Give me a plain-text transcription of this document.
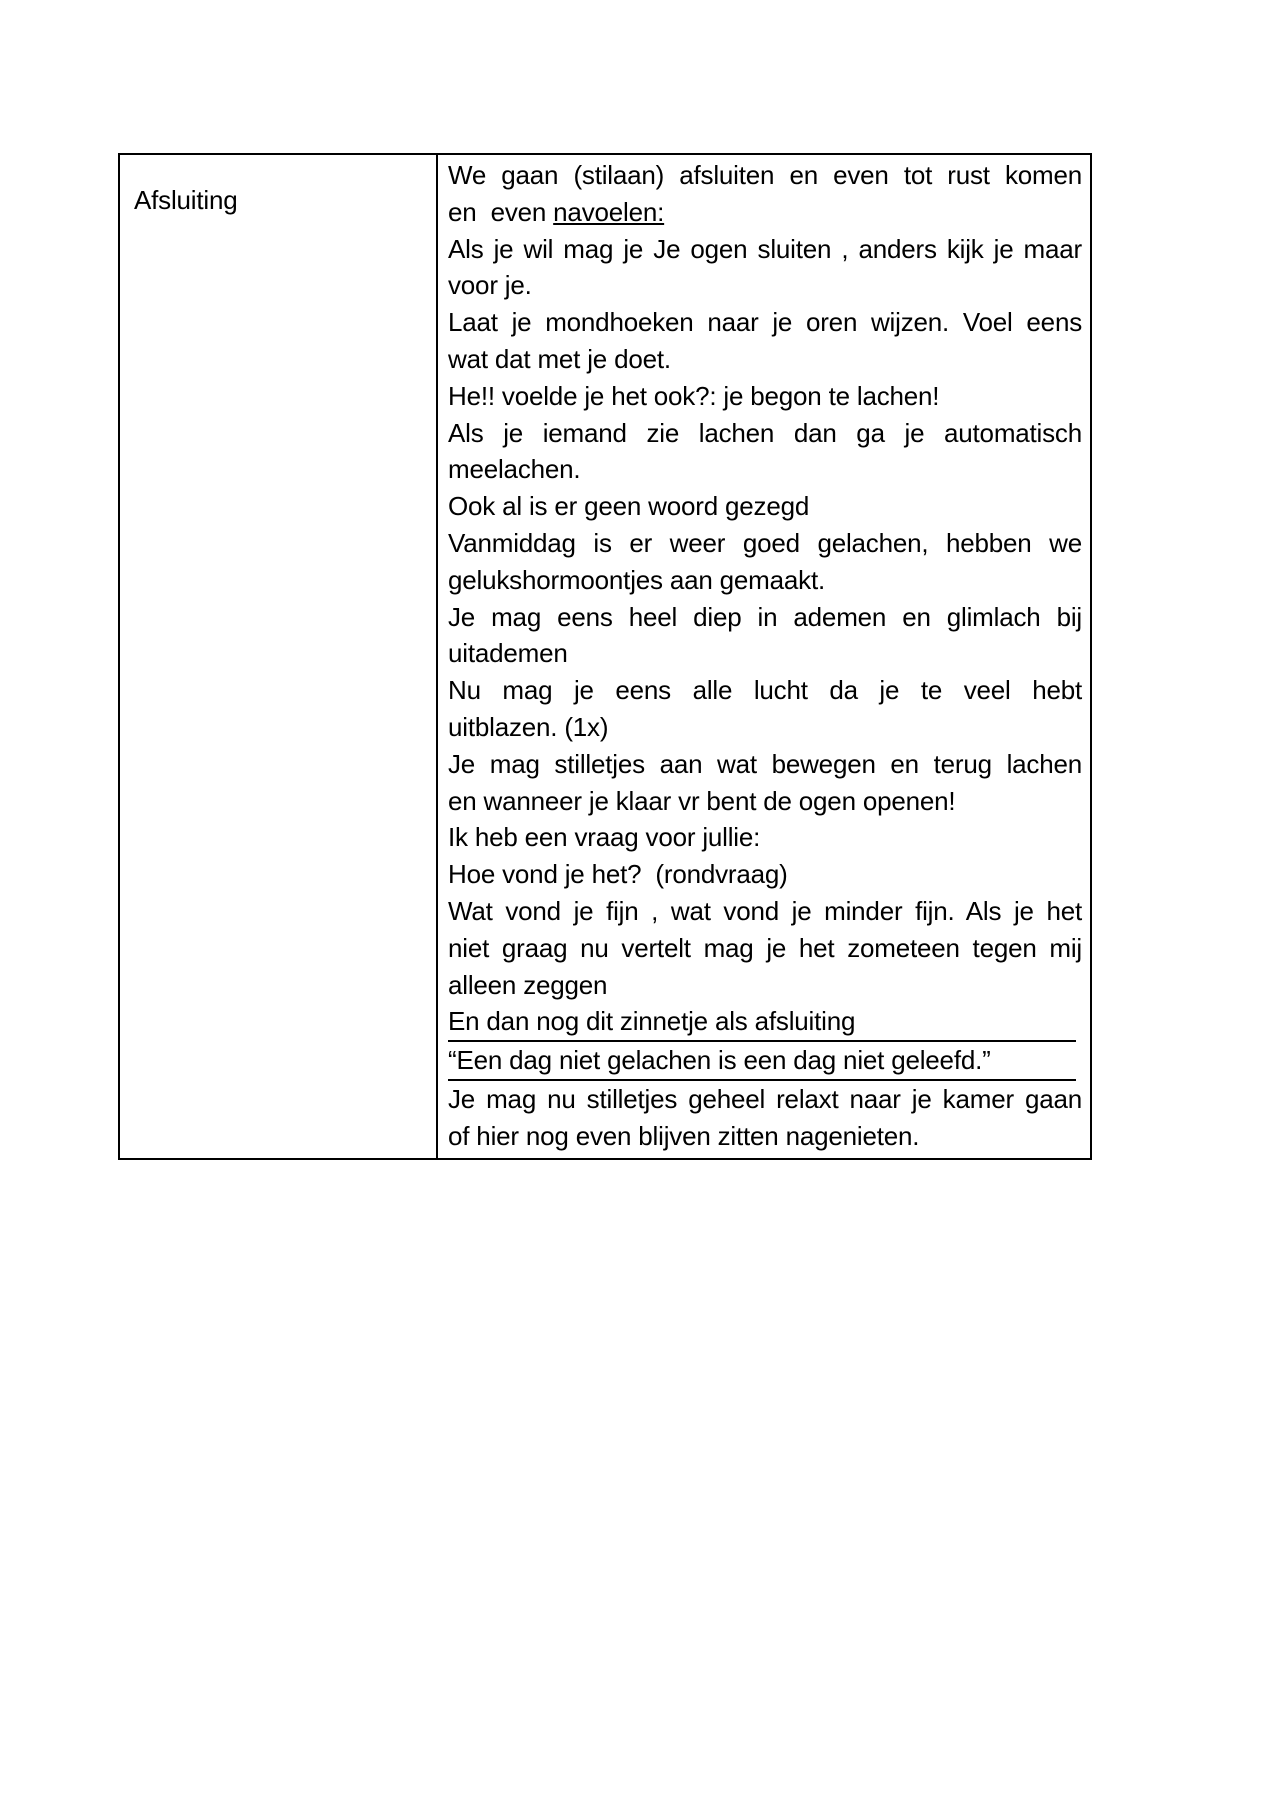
Afsluiting
We gaan (stilaan) afsluiten en even tot rust komen
en  even navoelen:
Als je wil mag je Je ogen sluiten , anders kijk je maar
voor je.
Laat je mondhoeken naar je oren wijzen. Voel eens
wat dat met je doet.
He!! voelde je het ook?: je begon te lachen!
Als je iemand zie lachen dan ga je automatisch
meelachen.
Ook al is er geen woord gezegd
Vanmiddag is er weer goed gelachen, hebben we
gelukshormoontjes aan gemaakt.
Je mag eens heel diep in ademen en glimlach bij
uitademen
Nu mag je eens alle lucht da je te veel hebt
uitblazen. (1x)
Je mag stilletjes aan wat bewegen en terug lachen
en wanneer je klaar vr bent de ogen openen!
Ik heb een vraag voor jullie:
Hoe vond je het?  (rondvraag)
Wat vond je fijn , wat vond je minder fijn. Als je het
niet graag nu vertelt mag je het zometeen tegen mij
alleen zeggen
En dan nog dit zinnetje als afsluiting
“Een dag niet gelachen is een dag niet geleefd.”
Je mag nu stilletjes geheel relaxt naar je kamer gaan
of hier nog even blijven zitten nagenieten.
